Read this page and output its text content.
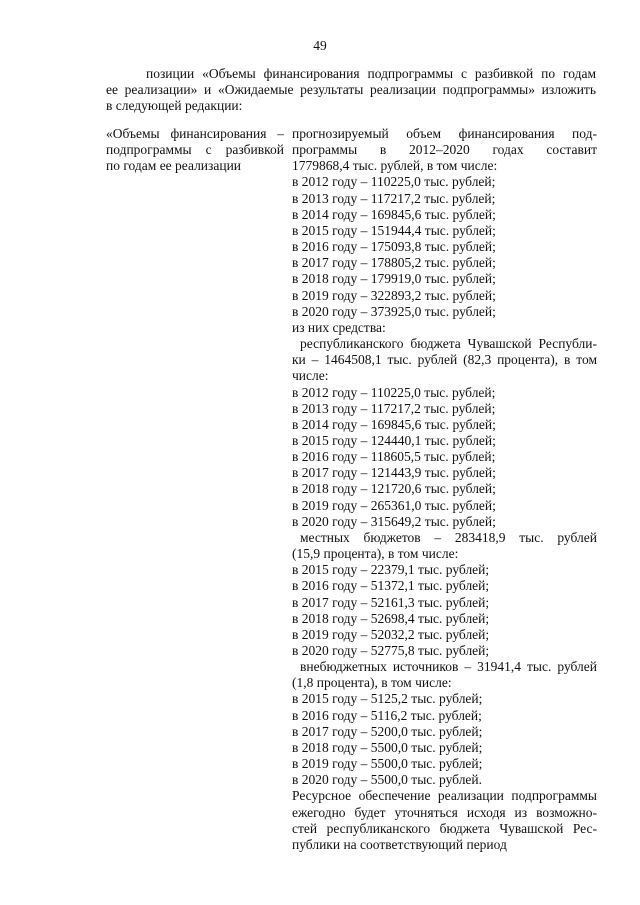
49
позиции «Объемы финансирования подпрограммы с разбивкой по годам
ее реализации» и «Ожидаемые результаты реализации подпрограммы» изложить
в следующей редакции:
«Объемы финансирования –
подпрограммы с разбивкой
по годам ее реализации
прогнозируемый объем финансирования под-
программы в 2012–2020 годах составит
1779868,4 тыс. рублей, в том числе:
в 2012 году – 110225,0 тыс. рублей;
в 2013 году – 117217,2 тыс. рублей;
в 2014 году – 169845,6 тыс. рублей;
в 2015 году – 151944,4 тыс. рублей;
в 2016 году – 175093,8 тыс. рублей;
в 2017 году – 178805,2 тыс. рублей;
в 2018 году – 179919,0 тыс. рублей;
в 2019 году – 322893,2 тыс. рублей;
в 2020 году – 373925,0 тыс. рублей;
из них средства:
республиканского бюджета Чувашской Республи-
ки – 1464508,1 тыс. рублей (82,3 процента), в том
числе:
в 2012 году – 110225,0 тыс. рублей;
в 2013 году – 117217,2 тыс. рублей;
в 2014 году – 169845,6 тыс. рублей;
в 2015 году – 124440,1 тыс. рублей;
в 2016 году – 118605,5 тыс. рублей;
в 2017 году – 121443,9 тыс. рублей;
в 2018 году – 121720,6 тыс. рублей;
в 2019 году – 265361,0 тыс. рублей;
в 2020 году – 315649,2 тыс. рублей;
местных бюджетов – 283418,9 тыс. рублей
(15,9 процента), в том числе:
в 2015 году – 22379,1 тыс. рублей;
в 2016 году – 51372,1 тыс. рублей;
в 2017 году – 52161,3 тыс. рублей;
в 2018 году – 52698,4 тыс. рублей;
в 2019 году – 52032,2 тыс. рублей;
в 2020 году – 52775,8 тыс. рублей;
внебюджетных источников – 31941,4 тыс. рублей
(1,8 процента), в том числе:
в 2015 году – 5125,2 тыс. рублей;
в 2016 году – 5116,2 тыс. рублей;
в 2017 году – 5200,0 тыс. рублей;
в 2018 году – 5500,0 тыс. рублей;
в 2019 году – 5500,0 тыс. рублей;
в 2020 году – 5500,0 тыс. рублей.
Ресурсное обеспечение реализации подпрограммы
ежегодно будет уточняться исходя из возможно-
стей республиканского бюджета Чувашской Рес-
публики на соответствующий период
